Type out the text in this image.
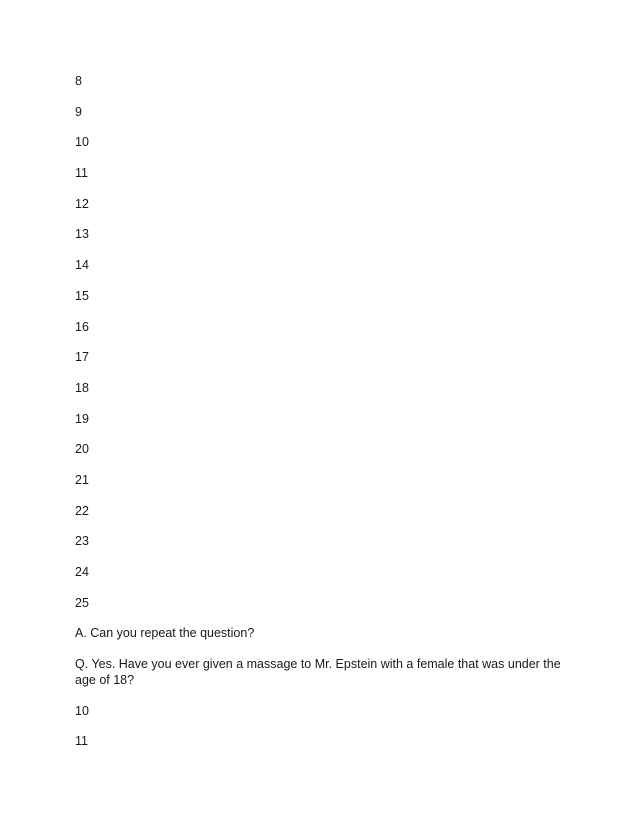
8
9
10
11
12
13
14
15
16
17
18
19
20
21
22
23
24
25
A. Can you repeat the question?
Q. Yes. Have you ever given a massage to Mr. Epstein with a female that was under the age of 18?
10
11
